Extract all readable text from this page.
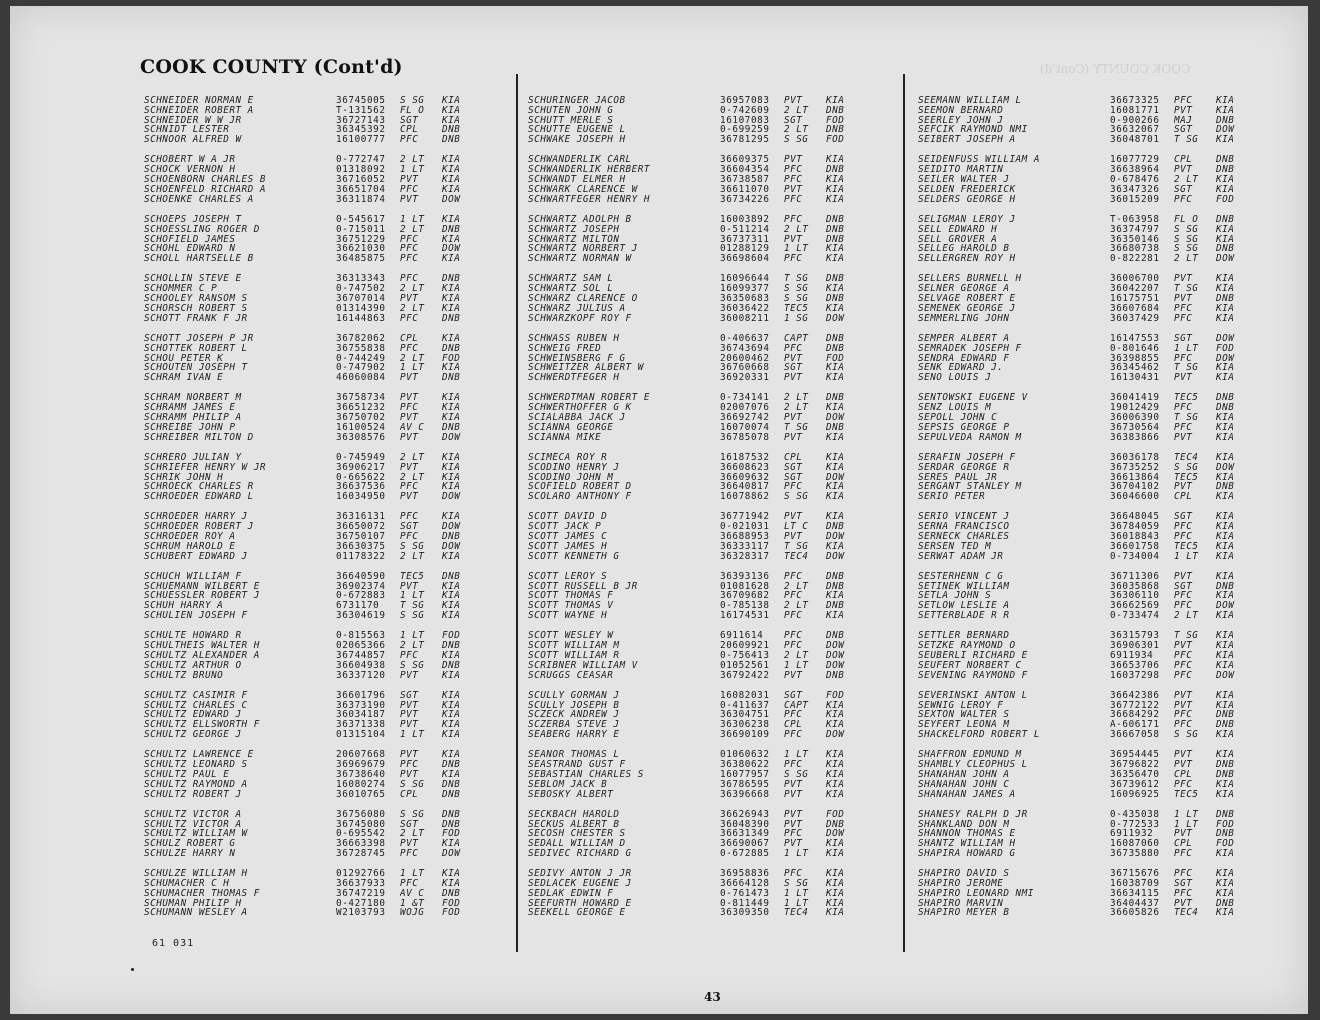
COOK COUNTY (Cont'd)
COOK COUNTY (Cont'd)
SCHNEIDER NORMAN E	36745005	S SG	KIA
SCHNEIDER ROBERT A	T-131562	FL O	KIA
SCHNEIDER W W JR	36727143	SGT	KIA
SCHNIDT LESTER	36345392	CPL	DNB
SCHNOOR ALFRED W	16100777	PFC	DNB
SCHOBERT W A JR	0-772747	2 LT	KIA
SCHOCK VERNON H	01318092	1 LT	KIA
SCHOENBORN CHARLES B	36716052	PVT	KIA
SCHOENFELD RICHARD A	36651704	PFC	KIA
SCHOENKE CHARLES A	36311874	PVT	DOW
SCHOEPS JOSEPH T	0-545617	1 LT	KIA
SCHOESSLING ROGER D	0-715011	2 LT	DNB
SCHOFIELD JAMES	36751229	PFC	KIA
SCHOHL EDWARD N	36621030	PFC	DOW
SCHOLL HARTSELLE B	36485875	PFC	KIA
SCHOLLIN STEVE E	36313343	PFC	DNB
SCHOMMER C P	0-747502	2 LT	KIA
SCHOOLEY RANSOM S	36707014	PVT	KIA
SCHORSCH ROBERT S	01314390	2 LT	KIA
SCHOTT FRANK F JR	16144863	PFC	DNB
SCHOTT JOSEPH P JR	36782062	CPL	KIA
SCHOTTEK ROBERT L	36755838	PFC	DNB
SCHOU PETER K	0-744249	2 LT	FOD
SCHOUTEN JOSEPH T	0-747902	1 LT	KIA
SCHRAM IVAN E	46060084	PVT	DNB
SCHRAM NORBERT M	36758734	PVT	KIA
SCHRAMM JAMES E	36651232	PFC	KIA
SCHRAMM PHILIP A	36750702	PVT	KIA
SCHREIBE JOHN P	16100524	AV C	DNB
SCHREIBER MILTON D	36308576	PVT	DOW
SCHRERO JULIAN Y	0-745949	2 LT	KIA
SCHRIEFER HENRY W JR	36906217	PVT	KIA
SCHRIK JOHN H	0-665622	2 LT	KIA
SCHROECK CHARLES R	36637536	PFC	KIA
SCHROEDER EDWARD L	16034950	PVT	DOW
SCHROEDER HARRY J	36316131	PFC	KIA
SCHROEDER ROBERT J	36650072	SGT	DOW
SCHROEDER ROY A	36750107	PFC	DNB
SCHRUM HAROLD E	36630375	S SG	DOW
SCHUBERT EDWARD J	01178322	2 LT	KIA
SCHUCH WILLIAM F	36640590	TEC5	DNB
SCHUEMANN WILBERT E	36902374	PVT	KIA
SCHUESSLER ROBERT J	0-672883	1 LT	KIA
SCHUH HARRY A	6731170	T SG	KIA
SCHULIEN JOSEPH F	36304619	S SG	KIA
SCHULTE HOWARD R	0-815563	1 LT	FOD
SCHULTHEIS WALTER H	02065366	2 LT	DNB
SCHULTZ ALEXANDER A	36744857	PFC	KIA
SCHULTZ ARTHUR O	36604938	S SG	DNB
SCHULTZ BRUNO	36337120	PVT	KIA
SCHULTZ CASIMIR F	36601796	SGT	KIA
SCHULTZ CHARLES C	36373190	PVT	KIA
SCHULTZ EDWARD J	36034187	PVT	KIA
SCHULTZ ELLSWORTH F	36371338	PVT	KIA
SCHULTZ GEORGE J	01315104	1 LT	KIA
SCHULTZ LAWRENCE E	20607668	PVT	KIA
SCHULTZ LEONARD S	36969679	PFC	DNB
SCHULTZ PAUL E	36738640	PVT	KIA
SCHULTZ RAYMOND A	16080274	S SG	DNB
SCHULTZ ROBERT J	36010765	CPL	DNB
SCHULTZ VICTOR A	36756080	S SG	DNB
SCHULTZ VICTOR A	36745080	SGT	DNB
SCHULTZ WILLIAM W	0-695542	2 LT	FOD
SCHULZ ROBERT G	36663398	PVT	KIA
SCHULZE HARRY N	36728745	PFC	DOW
SCHULZE WILLIAM H	01292766	1 LT	KIA
SCHUMACHER C H	36637933	PFC	KIA
SCHUMACHER THOMAS F	36747219	AV C	DNB
SCHUMAN PHILIP H	0-427180	1 &T	FOD
SCHUMANN WESLEY A	W2103793	WOJG	FOD
SCHURINGER JACOB	36957083	PVT	KIA
SCHUTEN JOHN G	0-742609	2 LT	DNB
SCHUTT MERLE S	16107083	SGT	FOD
SCHUTTE EUGENE L	0-699259	2 LT	DNB
SCHWAKE JOSEPH H	36781295	S SG	FOD
SCHWANDERLIK CARL	36609375	PVT	KIA
SCHWANDERLIK HERBERT	36604354	PFC	DNB
SCHWANDT ELMER H	36738587	PFC	KIA
SCHWARK CLARENCE W	36611070	PVT	KIA
SCHWARTFEGER HENRY H	36734226	PFC	KIA
SCHWARTZ ADOLPH B	16003892	PFC	DNB
SCHWARTZ JOSEPH	0-511214	2 LT	DNB
SCHWARTZ MILTON	36737311	PVT	DNB
SCHWARTZ NORBERT J	01288129	1 LT	KIA
SCHWARTZ NORMAN W	36698604	PFC	KIA
SCHWARTZ SAM L	16096644	T SG	DNB
SCHWARTZ SOL L	16099377	S SG	KIA
SCHWARZ CLARENCE O	36350683	S SG	DNB
SCHWARZ JULIUS A	36036422	TEC5	KIA
SCHWARZKOPF ROY F	36008211	1 SG	DOW
SCHWASS RUBEN H	0-406637	CAPT	DNB
SCHWEIG FRED	36743694	PFC	DNB
SCHWEINSBERG F G	20600462	PVT	FOD
SCHWEITZER ALBERT W	36760668	SGT	KIA
SCHWERDTFEGER H	36920331	PVT	KIA
SCHWERDTMAN ROBERT E	0-734141	2 LT	DNB
SCHWERTHOFFER G K	02007076	2 LT	KIA
SCIALABBA JACK J	36692742	PVT	DOW
SCIANNA GEORGE	16070074	T SG	DNB
SCIANNA MIKE	36785078	PVT	KIA
SCIMECA ROY R	16187532	CPL	KIA
SCODINO HENRY J	36608623	SGT	KIA
SCODINO JOHN M	36609632	SGT	DOW
SCOFIELD ROBERT D	36640817	PFC	KIA
SCOLARO ANTHONY F	16078862	S SG	KIA
SCOTT DAVID D	36771942	PVT	KIA
SCOTT JACK P	0-021031	LT C	DNB
SCOTT JAMES C	36688953	PVT	DOW
SCOTT JAMES H	36333117	T SG	KIA
SCOTT KENNETH G	36328317	TEC4	DOW
SCOTT LEROY S	36393136	PFC	DNB
SCOTT RUSSELL B JR	01081628	2 LT	DNB
SCOTT THOMAS F	36709682	PFC	KIA
SCOTT THOMAS V	0-785138	2 LT	DNB
SCOTT WAYNE H	16174531	PFC	KIA
SCOTT WESLEY W	6911614	PFC	DNB
SCOTT WILLIAM M	20609921	PFC	DOW
SCOTT WILLIAM R	0-756413	2 LT	DOW
SCRIBNER WILLIAM V	01052561	1 LT	DOW
SCRUGGS CEASAR	36792422	PVT	DNB
SCULLY GORMAN J	16082031	SGT	FOD
SCULLY JOSEPH B	0-411637	CAPT	KIA
SCZECK ANDREW J	36304751	PFC	KIA
SCZERBA STEVE J	36306238	CPL	KIA
SEABERG HARRY E	36690109	PFC	DOW
SEANOR THOMAS L	01060632	1 LT	KIA
SEASTRAND GUST F	36380622	PFC	KIA
SEBASTIAN CHARLES S	16077957	S SG	KIA
SEBLOM JACK B	36786595	PVT	KIA
SEBOSKY ALBERT	36396668	PVT	KIA
SECKBACH HAROLD	36626943	PVT	FOD
SECKUS ALBERT B	36048390	PVT	DNB
SECOSH CHESTER S	36631349	PFC	DOW
SEDALL WILLIAM D	36690067	PVT	KIA
SEDIVEC RICHARD G	0-672885	1 LT	KIA
SEDIVY ANTON J JR	36958836	PFC	KIA
SEDLACEK EUGENE J	36664128	S SG	KIA
SEDLAK EDWIN F	0-761473	1 LT	KIA
SEEFURTH HOWARD E	0-811449	1 LT	KIA
SEEKELL GEORGE E	36309350	TEC4	KIA
SEEMANN WILLIAM L	36673325	PFC	KIA
SEEMON BERNARD	16081771	PVT	KIA
SEERLEY JOHN J	0-900266	MAJ	DNB
SEFCIK RAYMOND NMI	36632067	SGT	DOW
SEIBERT JOSEPH A	36048701	T SG	KIA
SEIDENFUSS WILLIAM A	16077729	CPL	DNB
SEIDITO MARTIN	36638964	PVT	DNB
SEILER WALTER J	0-678476	2 LT	KIA
SELDEN FREDERICK	36347326	SGT	KIA
SELDERS GEORGE H	36015209	PFC	FOD
SELIGMAN LEROY J	T-063958	FL O	DNB
SELL EDWARD H	36374797	S SG	KIA
SELL GROVER A	36350146	S SG	KIA
SELLEG HAROLD B	36680738	S SG	DNB
SELLERGREN ROY H	0-822281	2 LT	DOW
SELLERS BURNELL H	36006700	PVT	KIA
SELNER GEORGE A	36042207	T SG	KIA
SELVAGE ROBERT E	16175751	PVT	DNB
SEMENEK GEORGE J	36607684	PFC	KIA
SEMMERLING JOHN	36037429	PFC	KIA
SEMPER ALBERT A	16147553	SGT	DOW
SEMRADEK JOSEPH F	0-801646	1 LT	FOD
SENDRA EDWARD F	36398855	PFC	DOW
SENK EDWARD J.	36345462	T SG	KIA
SENO LOUIS J	16130431	PVT	KIA
SENTOWSKI EUGENE V	36041419	TEC5	DNB
SENZ LOUIS M	19012429	PFC	DNB
SEPOLL JOHN C	36006390	T SG	KIA
SEPSIS GEORGE P	36730564	PFC	KIA
SEPULVEDA RAMON M	36383866	PVT	KIA
SERAFIN JOSEPH F	36036178	TEC4	KIA
SERDAR GEORGE R	36735252	S SG	DOW
SERES PAUL JR	36613864	TEC5	KIA
SERGANT STANLEY M	36704102	PVT	DNB
SERIO PETER	36046600	CPL	KIA
SERIO VINCENT J	36648045	SGT	KIA
SERNA FRANCISCO	36784059	PFC	KIA
SERNECK CHARLES	36018843	PFC	KIA
SERSEN TED M	36601758	TEC5	KIA
SERWAT ADAM JR	0-734004	1 LT	KIA
SESTERHENN C G	36711306	PVT	KIA
SETINEK WILLIAM	36035868	SGT	DNB
SETLA JOHN S	36306110	PFC	KIA
SETLOW LESLIE A	36662569	PFC	DOW
SETTERBLADE R R	0-733474	2 LT	KIA
SETTLER BERNARD	36315793	T SG	KIA
SETZKE RAYMOND O	36906301	PVT	KIA
SEUBERLI RICHARD E	6911934	PFC	KIA
SEUFERT NORBERT C	36653706	PFC	KIA
SEVENING RAYMOND F	16037298	PFC	DOW
SEVERINSKI ANTON L	36642386	PVT	KIA
SEWNIG LEROY F	36772122	PVT	KIA
SEXTON WALTER S	36684292	PFC	DNB
SEYFERT LEONA M	A-606171	PFC	DNB
SHACKELFORD ROBERT L	36667058	S SG	KIA
SHAFFRON EDMUND M	36954445	PVT	KIA
SHAMBLY CLEOPHUS L	36796822	PVT	DNB
SHANAHAN JOHN A	36356470	CPL	DNB
SHANAHAN JOHN C	36739612	PFC	KIA
SHANAHAN JAMES A	16096925	TEC5	KIA
SHANESY RALPH D JR	0-435038	1 LT	DNB
SHANKLAND DON M	0-772533	1 LT	FOD
SHANNON THOMAS E	6911932	PVT	DNB
SHANTZ WILLIAM H	16087060	CPL	FOD
SHAPIRA HOWARD G	36735880	PFC	KIA
SHAPIRO DAVID S	36715676	PFC	KIA
SHAPIRO JEROME	16038709	SGT	KIA
SHAPIRO LEONARD NMI	36634115	PFC	KIA
SHAPIRO MARVIN	36404437	PVT	DNB
SHAPIRO MEYER B	36605826	TEC4	KIA
61 031
43
